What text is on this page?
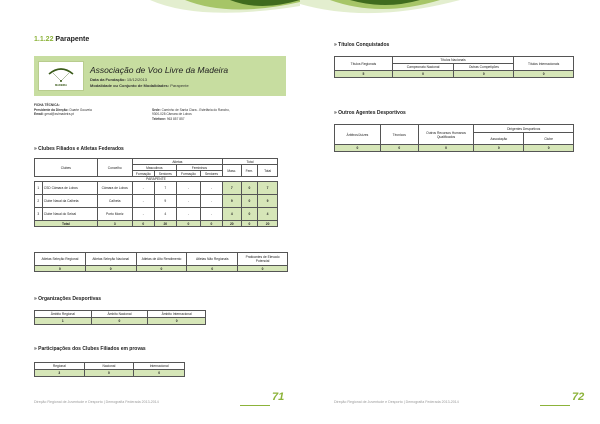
1.1.22 Parapente
MADEIRA
Associação de Voo Livre da Madeira
Data da Fundação: 15/12/2013
Modalidade ou Conjunto de Modalidades: Parapente
FICHA TÉCNICA:
Presidente da Direção: Duarte Gouveia
Email: geral@avlmadeira.pt
Sede: Caminho de Santa Clara - Estefânia do Rancho,
9300-028 Câmara de Lobos
Telefone: 963 857 857
» Clubes Filiados e Atletas Federados
Clubes		Concelho	Atletas				Total		
			Masculinos		Femininos		Masc.	Fem.	Total
			Formação	Seniores	Formação	Seniores			
PARAPENTE									
1	CSD Câmara de Lobos	Câmara de Lobos	-	7	-	-	7	0	7
2	Clube Naval da Calheta	Calheta	-	9	-	-	9	0	9
3	Clube Naval do Seixal	Porto Moniz	-	4	-	-	4	0	4
Total		3	0	20	0	0	20	0	20
Atletas Seleção Regional	Atletas Seleção Nacional	Atletas de Alto Rendimento	Atletas Não Regionais	Praticantes de Elevado Potencial
0	0	0	0	0
» Organizações Desportivas
Âmbito Regional	Âmbito Nacional	Âmbito Internacional
1	0	0
» Participações dos Clubes Filiados em provas
Regional	Nacional	Internacional
3	0	0
Direção Regional de Juventude e Desporto | Demografia Federada 2013-2014	71
» Títulos Conquistados
Títulos Regionais	Títulos Nacionais		Títulos Internacionais
	Campeonato Nacional	Outras Competições	
5	0	0	0
» Outros Agentes Desportivos
Árbitros/Juízes	Técnicos	Outros Recursos Humanos Qualificados	Dirigentes Desportivos	
			Associação	Clube
0	0	0	0	0
Direção Regional de Juventude e Desporto | Demografia Federada 2013-2014	72
